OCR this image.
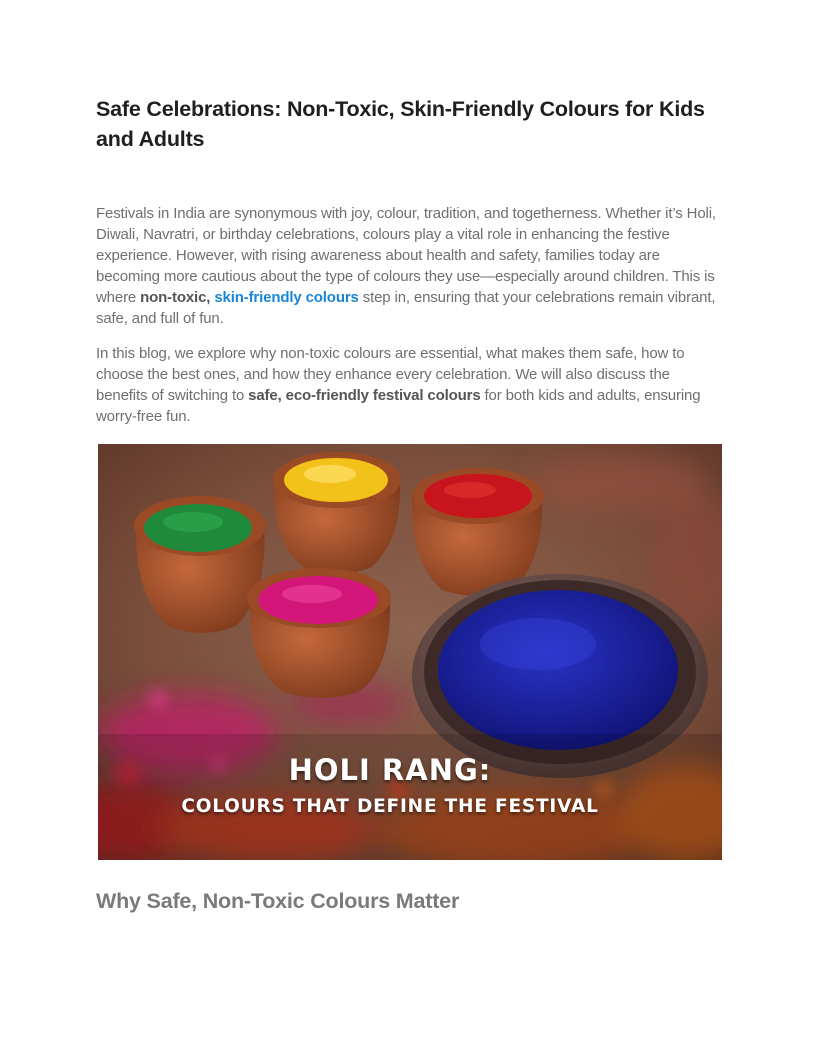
Safe Celebrations: Non-Toxic, Skin-Friendly Colours for Kids and Adults

Festivals in India are synonymous with joy, colour, tradition, and togetherness. Whether it’s Holi, Diwali, Navratri, or birthday celebrations, colours play a vital role in enhancing the festive experience. However, with rising awareness about health and safety, families today are becoming more cautious about the type of colours they use—especially around children. This is where non-toxic, skin-friendly colours step in, ensuring that your celebrations remain vibrant, safe, and full of fun.

In this blog, we explore why non-toxic colours are essential, what makes them safe, how to choose the best ones, and how they enhance every celebration. We will also discuss the benefits of switching to safe, eco-friendly festival colours for both kids and adults, ensuring worry-free fun.

HOLI RANG:
COLOURS THAT DEFINE THE FESTIVAL
Why Safe, Non-Toxic Colours Matter
